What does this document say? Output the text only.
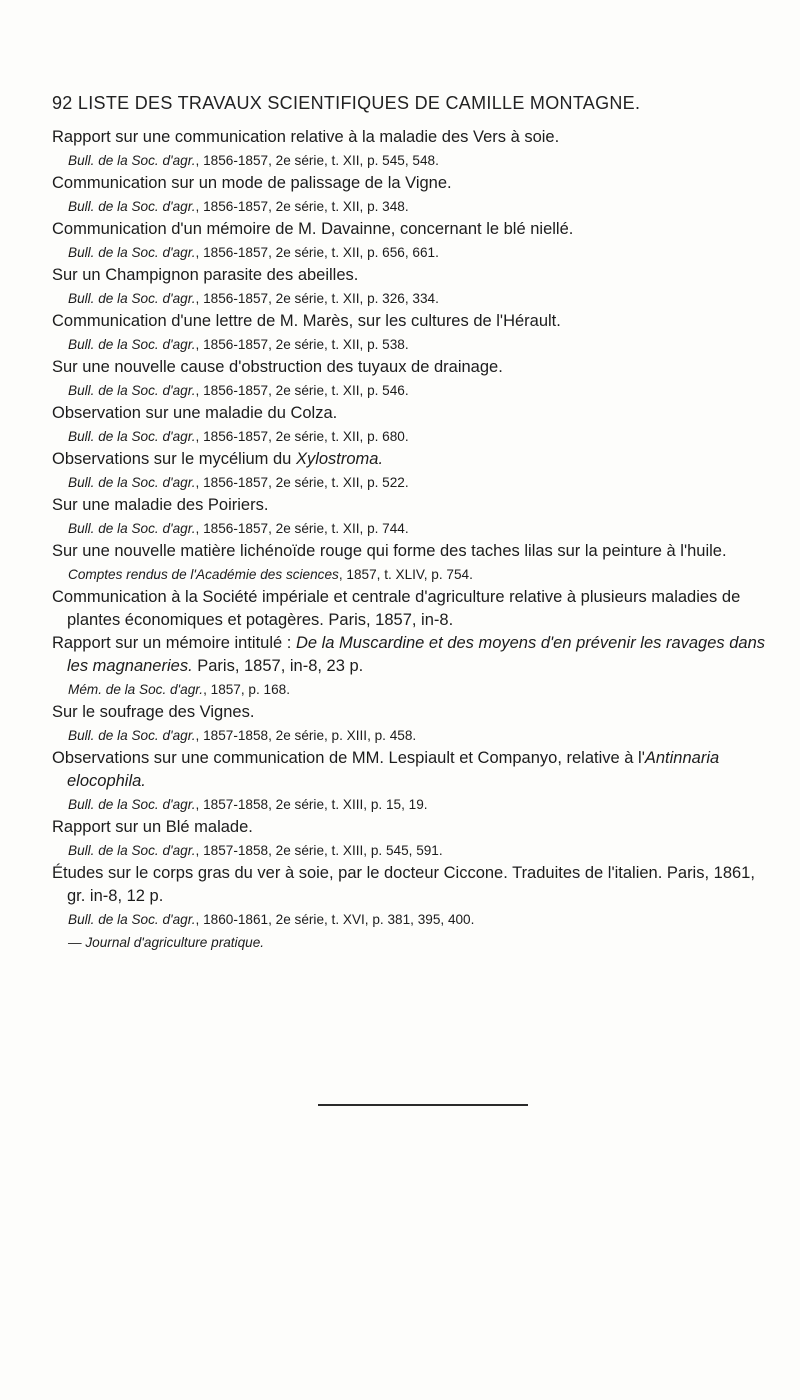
92 LISTE DES TRAVAUX SCIENTIFIQUES DE CAMILLE MONTAGNE.
Rapport sur une communication relative à la maladie des Vers à soie.
Bull. de la Soc. d'agr., 1856-1857, 2e série, t. XII, p. 545, 548.
Communication sur un mode de palissage de la Vigne.
Bull. de la Soc. d'agr., 1856-1857, 2e série, t. XII, p. 348.
Communication d'un mémoire de M. Davainne, concernant le blé niellé.
Bull. de la Soc. d'agr., 1856-1857, 2e série, t. XII, p. 656, 661.
Sur un Champignon parasite des abeilles.
Bull. de la Soc. d'agr., 1856-1857, 2e série, t. XII, p. 326, 334.
Communication d'une lettre de M. Marès, sur les cultures de l'Hérault.
Bull. de la Soc. d'agr., 1856-1857, 2e série, t. XII, p. 538.
Sur une nouvelle cause d'obstruction des tuyaux de drainage.
Bull. de la Soc. d'agr., 1856-1857, 2e série, t. XII, p. 546.
Observation sur une maladie du Colza.
Bull. de la Soc. d'agr., 1856-1857, 2e série, t. XII, p. 680.
Observations sur le mycélium du Xylostroma.
Bull. de la Soc. d'agr., 1856-1857, 2e série, t. XII, p. 522.
Sur une maladie des Poiriers.
Bull. de la Soc. d'agr., 1856-1857, 2e série, t. XII, p. 744.
Sur une nouvelle matière lichénoïde rouge qui forme des taches lilas sur la peinture à l'huile.
Comptes rendus de l'Académie des sciences, 1857, t. XLIV, p. 754.
Communication à la Société impériale et centrale d'agriculture relative à plusieurs maladies de plantes économiques et potagères. Paris, 1857, in-8.
Rapport sur un mémoire intitulé : De la Muscardine et des moyens d'en prévenir les ravages dans les magnaneries. Paris, 1857, in-8, 23 p.
Mém. de la Soc. d'agr., 1857, p. 168.
Sur le soufrage des Vignes.
Bull. de la Soc. d'agr., 1857-1858, 2e série, p. XIII, p. 458.
Observations sur une communication de MM. Lespiault et Companyo, relative à l'Antinnaria elocophila.
Bull. de la Soc. d'agr., 1857-1858, 2e série, t. XIII, p. 15, 19.
Rapport sur un Blé malade.
Bull. de la Soc. d'agr., 1857-1858, 2e série, t. XIII, p. 545, 591.
Études sur le corps gras du ver à soie, par le docteur Ciccone. Traduites de l'italien. Paris, 1861, gr. in-8, 12 p.
Bull. de la Soc. d'agr., 1860-1861, 2e série, t. XVI, p. 381, 395, 400.
— Journal d'agriculture pratique.
